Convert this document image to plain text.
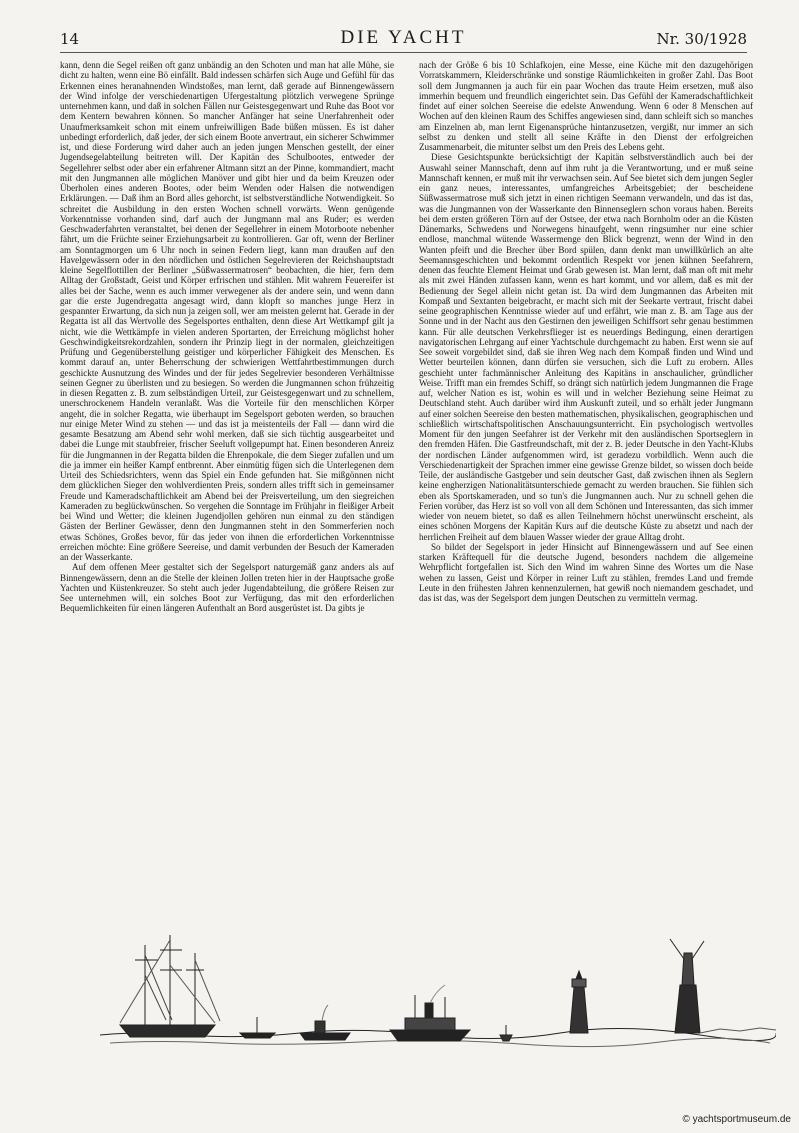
14	DIE YACHT	Nr. 30/1928

kann, denn die Segel reißen oft ganz unbändig an den Schoten und man hat alle Mühe, sie dicht zu halten, wenn eine Bö einfällt. Bald indessen schärfen sich Auge und Gefühl für das Erkennen eines heranahnenden Windstoßes, man lernt, daß gerade auf Binnengewässern der Wind infolge der verschiedenartigen Ufergestaltung plötzlich verwegene Sprünge unternehmen kann, und daß in solchen Fällen nur Geistesgegenwart und Ruhe das Boot vor dem Kentern bewahren können. So mancher Anfänger hat seine Unerfahrenheit oder Unaufmerksamkeit schon mit einem unfreiwilligen Bade büßen müssen. Es ist daher unbedingt erforderlich, daß jeder, der sich einem Boote anvertraut, ein sicherer Schwimmer ist, und diese Forderung wird daher auch an jeden jungen Menschen gestellt, der einer Jugendsegelabteilung beitreten will. Der Kapitän des Schulbootes, entweder der Segellehrer selbst oder aber ein erfahrener Altmann sitzt an der Pinne, kommandiert, macht mit den Jungmannen alle möglichen Manöver und gibt hier und da beim Kreuzen oder Überholen eines anderen Bootes, oder beim Wenden oder Halsen die notwendigen Erklärungen. — Daß ihm an Bord alles gehorcht, ist selbstverständliche Notwendigkeit. So schreitet die Ausbildung in den ersten Wochen schnell vorwärts. Wenn genügende Vorkenntnisse vorhanden sind, darf auch der Jungmann mal ans Ruder; es werden Geschwaderfahrten veranstaltet, bei denen der Segellehrer in einem Motorboote nebenher fährt, um die Früchte seiner Erziehungsarbeit zu kontrollieren. Gar oft, wenn der Berliner am Sonntagmorgen um 6 Uhr noch in seinen Federn liegt, kann man draußen auf den Havelgewässern oder in den nördlichen und östlichen Segelrevieren der Reichshauptstadt kleine Segelflottillen der Berliner „Süßwassermatrosen“ beobachten, die hier, fern dem Alltag der Großstadt, Geist und Körper erfrischen und stählen. Mit wahrem Feuereifer ist alles bei der Sache, wenn es auch immer verwegener als der andere sein, und wenn dann gar die erste Jugendregatta angesagt wird, dann klopft so manches junge Herz in gespannter Erwartung, da sich nun ja zeigen soll, wer am meisten gelernt hat. Gerade in der Regatta ist all das Wertvolle des Segelsportes enthalten, denn diese Art Wettkampf gilt ja nicht, wie die Wettkämpfe in vielen anderen Sportarten, der Erreichung möglichst hoher Geschwindigkeitsrekordzahlen, sondern ihr Prinzip liegt in der normalen, gleichzeitigen Prüfung und Gegenüberstellung geistiger und körperlicher Fähigkeit des Menschen. Es kommt darauf an, unter Beherrschung der schwierigen Wettfahrtbestimmungen durch geschickte Ausnutzung des Windes und der für jedes Segelrevier besonderen Verhältnisse seinen Gegner zu überlisten und zu besiegen. So werden die Jungmannen schon frühzeitig in diesen Regatten z. B. zum selbständigen Urteil, zur Geistesgegenwart und zu schnellem, unerschrockenem Handeln veranlaßt. Was die Vorteile für den menschlichen Körper angeht, die in solcher Regatta, wie überhaupt im Segelsport geboten werden, so brauchen nur einige Meter Wind zu stehen — und das ist ja meistenteils der Fall — dann wird die gesamte Besatzung am Abend sehr wohl merken, daß sie sich tüchtig ausgearbeitet und dabei die Lunge mit staubfreier, frischer Seeluft vollgepumpt hat. Einen besonderen Anreiz für die Jungmannen in der Regatta bilden die Ehrenpokale, die dem Sieger zufallen und um die ja immer ein heißer Kampf entbrennt. Aber einmütig fügen sich die Unterlegenen dem Urteil des Schiedsrichters, wenn das Spiel ein Ende gefunden hat. Sie mißgönnen nicht dem glücklichen Sieger den wohlverdienten Preis, sondern alles trifft sich in gemeinsamer Freude und Kameradschaftlichkeit am Abend bei der Preisverteilung, um den siegreichen Kameraden zu beglückwünschen. So vergehen die Sonntage im Frühjahr in fleißiger Arbeit bei Wind und Wetter; die kleinen Jugendjollen gehören nun einmal zu den ständigen Gästen der Berliner Gewässer, denn den Jungmannen steht in den Sommerferien noch etwas Schönes, Großes bevor, für das jeder von ihnen die erforderlichen Vorkenntnisse erreichen möchte: Eine größere Seereise, und damit verbunden der Besuch der Kameraden an der Wasserkante.

Auf dem offenen Meer gestaltet sich der Segelsport naturgemäß ganz anders als auf Binnengewässern, denn an die Stelle der kleinen Jollen treten hier in der Hauptsache große Yachten und Küstenkreuzer. So steht auch jeder Jugendabteilung, die größere Reisen zur See unternehmen will, ein solches Boot zur Verfügung, das mit den erforderlichen Bequemlichkeiten für einen längeren Aufenthalt an Bord ausgerüstet ist. Da gibts je

nach der Größe 6 bis 10 Schlafkojen, eine Messe, eine Küche mit den dazugehörigen Vorratskammern, Kleiderschränke und sonstige Räumlichkeiten in großer Zahl. Das Boot soll dem Jungmannen ja auch für ein paar Wochen das traute Heim ersetzen, muß also immerhin bequem und freundlich eingerichtet sein. Das Gefühl der Kameradschaftlichkeit findet auf einer solchen Seereise die edelste Anwendung. Wenn 6 oder 8 Menschen auf Wochen auf den kleinen Raum des Schiffes angewiesen sind, dann schleift sich so manches am Einzelnen ab, man lernt Eigenansprüche hintanzusetzen, vergißt, nur immer an sich selbst zu denken und stellt all seine Kräfte in den Dienst der erfolgreichen Zusammenarbeit, die mitunter selbst um den Preis des Lebens geht.

Diese Gesichtspunkte berücksichtigt der Kapitän selbstverständlich auch bei der Auswahl seiner Mannschaft, denn auf ihm ruht ja die Verantwortung, und er muß seine Mannschaft kennen, er muß mit ihr verwachsen sein. Auf See bietet sich dem jungen Segler ein ganz neues, interessantes, umfangreiches Arbeitsgebiet; der bescheidene Süßwassermatrose muß sich jetzt in einen richtigen Seemann verwandeln, und das ist das, was die Jungmannen von der Wasserkante den Binnenseglern schon voraus haben. Bereits bei dem ersten größeren Törn auf der Ostsee, der etwa nach Bornholm oder an die Küsten Dänemarks, Schwedens und Norwegens hinaufgeht, wenn ringsumher nur eine schier endlose, manchmal wütende Wassermenge den Blick begrenzt, wenn der Wind in den Wanten pfeift und die Brecher über Bord spülen, dann denkt man unwillkürlich an alte Seemannsgeschichten und bekommt ordentlich Respekt vor jenen kühnen Seefahrern, denen das feuchte Element Heimat und Grab gewesen ist. Man lernt, daß man oft mit mehr als mit zwei Händen zufassen kann, wenn es hart kommt, und vor allem, daß es mit der Bedienung der Segel allein nicht getan ist. Da wird dem Jungmannen das Arbeiten mit Kompaß und Sextanten beigebracht, er macht sich mit der Seekarte vertraut, frischt dabei seine geographischen Kenntnisse wieder auf und erfährt, wie man z. B. am Tage aus der Sonne und in der Nacht aus den Gestirnen den jeweiligen Schiffsort sehr genau bestimmen kann. Für alle deutschen Verkehrsflieger ist es neuerdings Bedingung, einen derartigen navigatorischen Lehrgang auf einer Yachtschule durchgemacht zu haben. Erst wenn sie auf See soweit vorgebildet sind, daß sie ihren Weg nach dem Kompaß finden und Wind und Wetter beurteilen können, dann dürfen sie versuchen, sich die Luft zu erobern. Alles geschieht unter fachmännischer Anleitung des Kapitäns in anschaulicher, gründlicher Weise. Trifft man ein fremdes Schiff, so drängt sich natürlich jedem Jungmannen die Frage auf, welcher Nation es ist, wohin es will und in welcher Beziehung seine Heimat zu Deutschland steht. Auch darüber wird ihm Auskunft zuteil, und so erhält jeder Jungmann auf einer solchen Seereise den besten mathematischen, physikalischen, geographischen und schließlich wirtschaftspolitischen Anschauungsunterricht. Ein psychologisch wertvolles Moment für den jungen Seefahrer ist der Verkehr mit den ausländischen Sportseglern in den fremden Häfen. Die Gastfreundschaft, mit der z. B. jeder Deutsche in den Yacht-Klubs der nordischen Länder aufgenommen wird, ist geradezu vorbildlich. Wenn auch die Verschiedenartigkeit der Sprachen immer eine gewisse Grenze bildet, so wissen doch beide Teile, der ausländische Gastgeber und sein deutscher Gast, daß zwischen ihnen als Seglern keine engherzigen Nationalitätsunterschiede gemacht zu werden brauchen. Sie fühlen sich eben als Sportskameraden, und so tun's die Jungmannen auch. Nur zu schnell gehen die Ferien vorüber, das Herz ist so voll von all dem Schönen und Interessanten, das sich immer wieder von neuem bietet, so daß es allen Teilnehmern höchst unerwünscht erscheint, als eines schönen Morgens der Kapitän Kurs auf die deutsche Küste zu absetzt und nach der herrlichen Freiheit auf dem blauen Wasser wieder der graue Alltag droht.

So bildet der Segelsport in jeder Hinsicht auf Binnengewässern und auf See einen starken Kräftequell für die deutsche Jugend, besonders nachdem die allgemeine Wehrpflicht fortgefallen ist. Sich den Wind im wahren Sinne des Wortes um die Nase wehen zu lassen, Geist und Körper in reiner Luft zu stählen, fremdes Land und fremde Leute in den frühesten Jahren kennenzulernen, hat gewiß noch niemandem geschadet, und das ist das, was der Segelsport dem jungen Deutschen zu vermitteln vermag.

© yachtsportmuseum.de
